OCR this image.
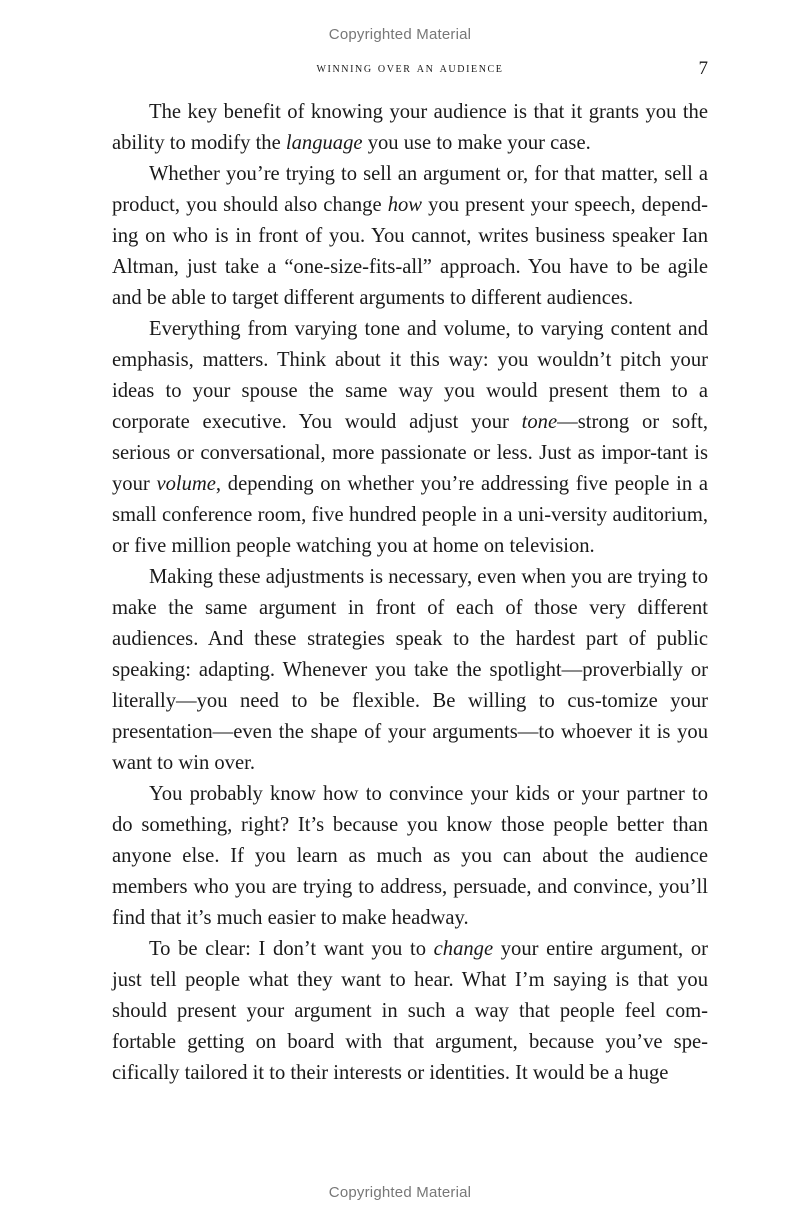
Copyrighted Material
winning over an audience	7

The key benefit of knowing your audience is that it grants you the ability to modify the language you use to make your case.

Whether you’re trying to sell an argument or, for that matter, sell a product, you should also change how you present your speech, depend-ing on who is in front of you. You cannot, writes business speaker Ian Altman, just take a “one-size-fits-all” approach. You have to be agile and be able to target different arguments to different audiences.

Everything from varying tone and volume, to varying content and emphasis, matters. Think about it this way: you wouldn’t pitch your ideas to your spouse the same way you would present them to a corporate executive. You would adjust your tone—strong or soft, serious or conversational, more passionate or less. Just as impor-tant is your volume, depending on whether you’re addressing five people in a small conference room, five hundred people in a uni-versity auditorium, or five million people watching you at home on television.

Making these adjustments is necessary, even when you are trying to make the same argument in front of each of those very different audiences. And these strategies speak to the hardest part of public speaking: adapting. Whenever you take the spotlight—proverbially or literally—you need to be flexible. Be willing to cus-tomize your presentation—even the shape of your arguments—to whoever it is you want to win over.

You probably know how to convince your kids or your partner to do something, right? It’s because you know those people better than anyone else. If you learn as much as you can about the audience members who you are trying to address, persuade, and convince, you’ll find that it’s much easier to make headway.

To be clear: I don’t want you to change your entire argument, or just tell people what they want to hear. What I’m saying is that you should present your argument in such a way that people feel com-fortable getting on board with that argument, because you’ve spe-cifically tailored it to their interests or identities. It would be a huge

Copyrighted Material
